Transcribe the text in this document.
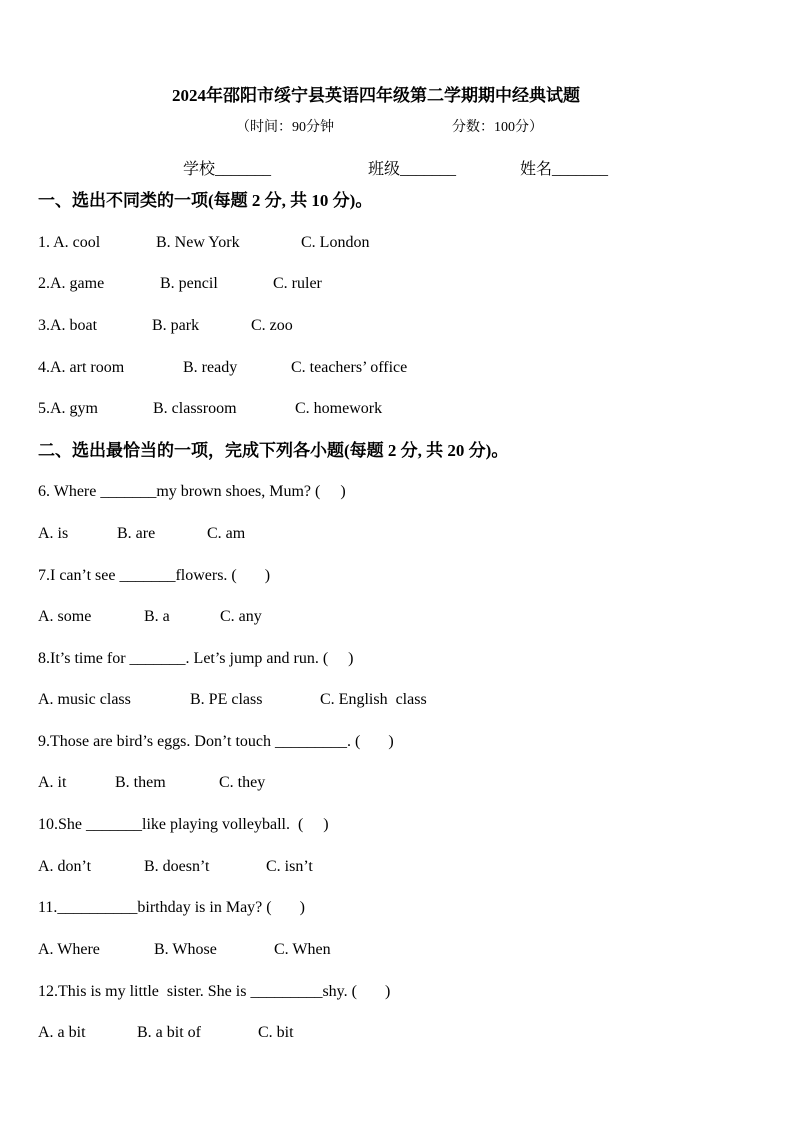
2024年邵阳市绥宁县英语四年级第二学期期中经典试题
（时间：90分钟	分数：100分）
学校_______	班级_______	姓名_______
一、选出不同类的一项(每题 2 分, 共 10 分)。
1. A. cool	B. New York	C. London
2.A. game	B. pencil	C. ruler
3.A. boat	B. park	C. zoo
4.A. art room	B. ready	C. teachers’ office
5.A. gym	B. classroom	C. homework
二、选出最恰当的一项，完成下列各小题(每题 2 分, 共 20 分)。
6. Where _______my brown shoes, Mum? (     )
A. is	B. are	C. am
7.I can’t see _______flowers. (       )
A. some	B. a	C. any
8.It’s time for _______. Let’s jump and run. (     )
A. music class	B. PE class	C. English  class
9.Those are bird’s eggs. Don’t touch _________. (       )
A. it	B. them	C. they
10.She _______like playing volleyball.  (     )
A. don’t	B. doesn’t	C. isn’t
11.__________birthday is in May? (       )
A. Where	B. Whose	C. When
12.This is my little  sister. She is _________shy. (       )
A. a bit	B. a bit of	C. bit
